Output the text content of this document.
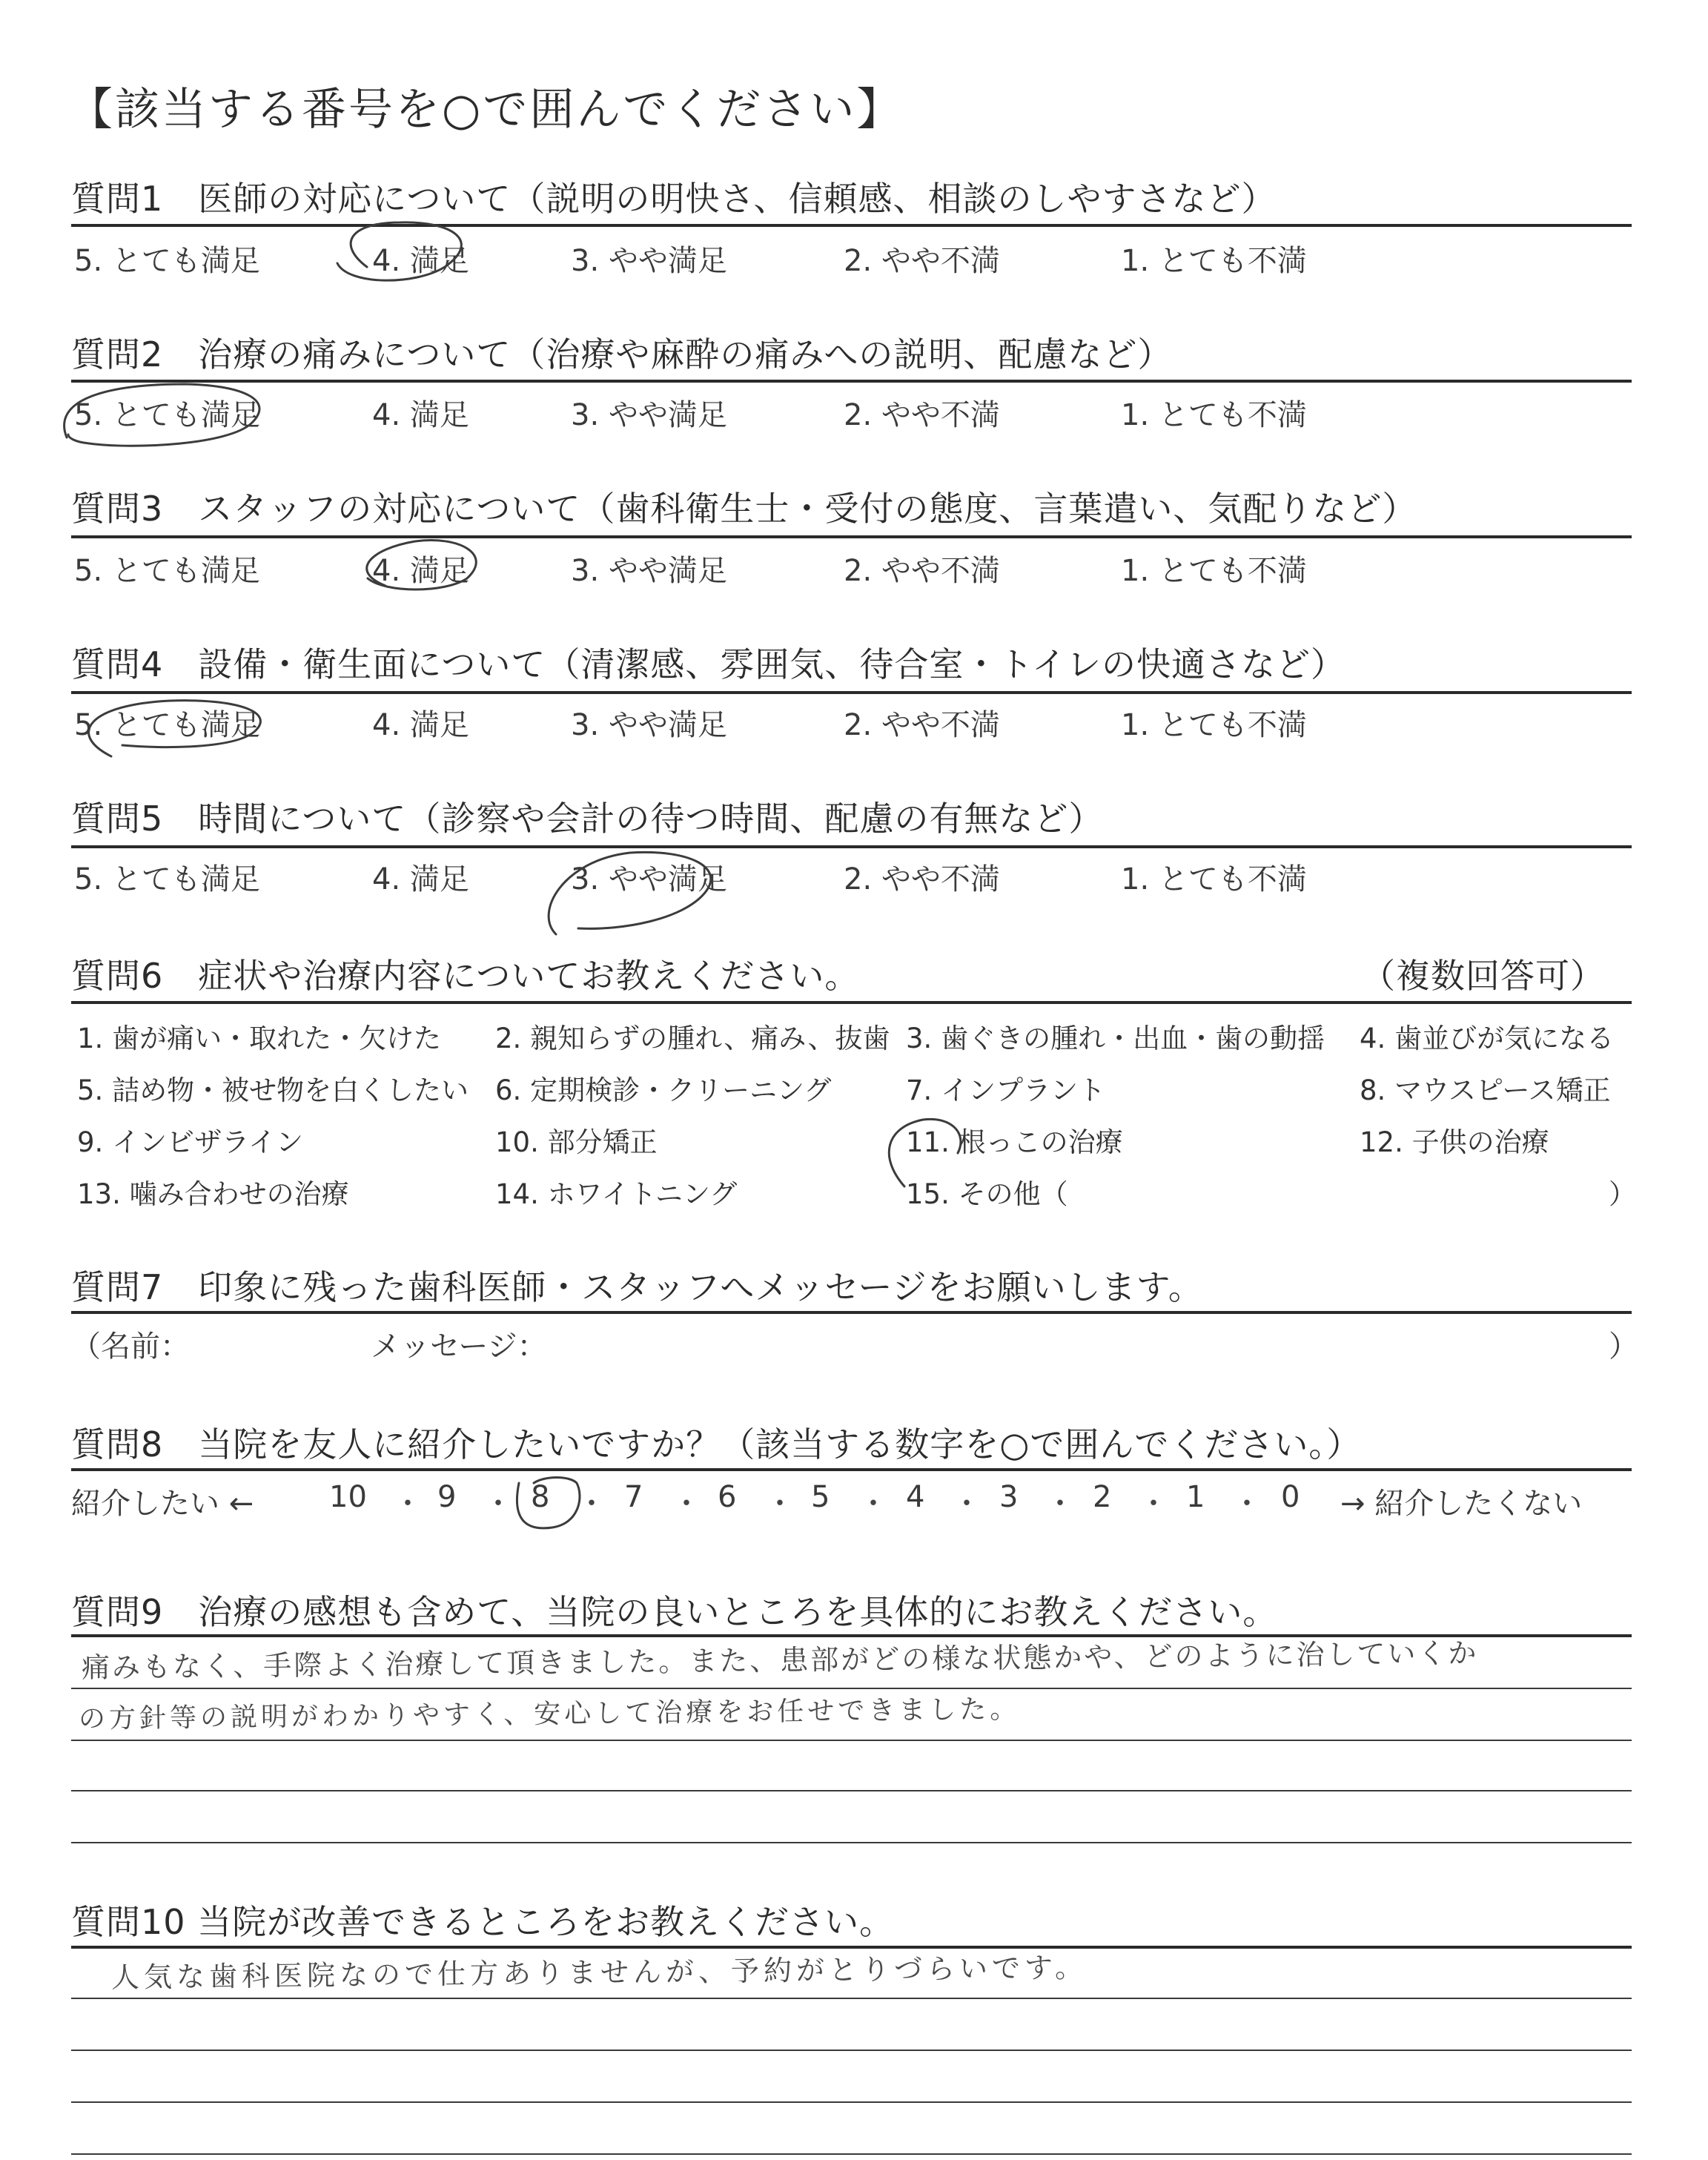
【該当する番号を○で囲んでください】
質問1　医師の対応について（説明の明快さ、信頼感、相談のしやすさなど）
5. とても満足	4. 満足	3. やや満足	2. やや不満	1. とても不満
質問2　治療の痛みについて（治療や麻酔の痛みへの説明、配慮など）
5. とても満足	4. 満足	3. やや満足	2. やや不満	1. とても不満
質問3　スタッフの対応について（歯科衛生士・受付の態度、言葉遣い、気配りなど）
5. とても満足	4. 満足	3. やや満足	2. やや不満	1. とても不満
質問4　設備・衛生面について（清潔感、雰囲気、待合室・トイレの快適さなど）
5. とても満足	4. 満足	3. やや満足	2. やや不満	1. とても不満
質問5　時間について（診察や会計の待つ時間、配慮の有無など）
5. とても満足	4. 満足	3. やや満足	2. やや不満	1. とても不満
質問6　症状や治療内容についてお教えください。	（複数回答可）
1. 歯が痛い・取れた・欠けた 2. 親知らずの腫れ、痛み、抜歯 3. 歯ぐきの腫れ・出血・歯の動揺 4. 歯並びが気になる
5. 詰め物・被せ物を白くしたい 6. 定期検診・クリーニング	7. インプラント	8. マウスピース矯正
9. インビザライン	10. 部分矯正	11. 根っこの治療	12. 子供の治療
13. 噛み合わせの治療	14. ホワイトニング	15. その他（	）
質問7　印象に残った歯科医師・スタッフへメッセージをお願いします。
（名前：	メッセージ：	）
質問8　当院を友人に紹介したいですか？（該当する数字を○で囲んでください。）
紹介したい ←	10 ・ 9 ・ 8 ・ 7 ・ 6 ・ 5 ・ 4 ・ 3 ・ 2 ・ 1 ・ 0 → 紹介したくない
質問9　治療の感想も含めて、当院の良いところを具体的にお教えください。
痛みもなく、手際よく治療して頂きました。また、患部がどの様な状態かや、どのように治していくか
の方針等の説明がわかりやすく、安心して治療をお任せできました。
質問10 当院が改善できるところをお教えください。
人気な歯科医院なので仕方ありませんが、予約がとりづらいです。
